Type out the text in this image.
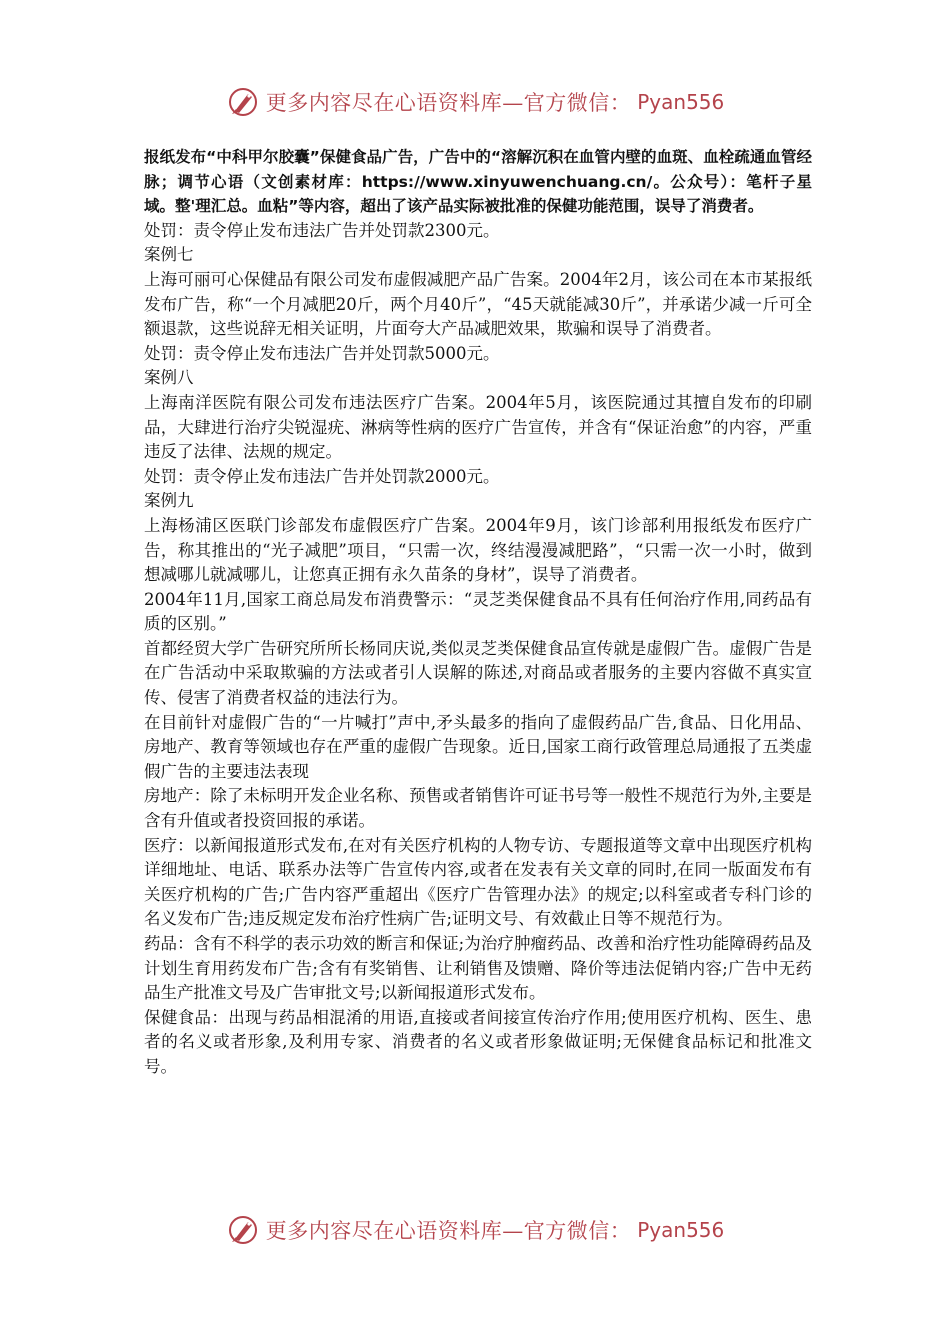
更多内容尽在心语资料库—官方微信： Pyan556

报纸发布“中科甲尔胶囊”保健食品广告，广告中的“溶解沉积在血管内壁的血斑、血栓疏通血管经脉；调节心语（文创素材库：https://www.xinyuwenchuang.cn/。公众号）：笔杆子星域。整'理汇总。血粘”等内容，超出了该产品实际被批准的保健功能范围，误导了消费者。

处罚：责令停止发布违法广告并处罚款2300元。

案例七

上海可丽可心保健品有限公司发布虚假减肥产品广告案。2004年2月，该公司在本市某报纸发布广告，称“一个月减肥20斤，两个月40斤”，“45天就能减30斤”，并承诺少减一斤可全额退款，这些说辞无相关证明，片面夸大产品减肥效果，欺骗和误导了消费者。

处罚：责令停止发布违法广告并处罚款5000元。

案例八

上海南洋医院有限公司发布违法医疗广告案。2004年5月，该医院通过其擅自发布的印刷品，大肆进行治疗尖锐湿疣、淋病等性病的医疗广告宣传，并含有“保证治愈”的内容，严重违反了法律、法规的规定。

处罚：责令停止发布违法广告并处罚款2000元。

案例九

上海杨浦区医联门诊部发布虚假医疗广告案。2004年9月，该门诊部利用报纸发布医疗广告，称其推出的“光子减肥”项目，“只需一次，终结漫漫减肥路”，“只需一次一小时，做到想减哪儿就减哪儿，让您真正拥有永久苗条的身材”，误导了消费者。

2004年11月,国家工商总局发布消费警示：“灵芝类保健食品不具有任何治疗作用,同药品有质的区别。”

首都经贸大学广告研究所所长杨同庆说,类似灵芝类保健食品宣传就是虚假广告。虚假广告是在广告活动中采取欺骗的方法或者引人误解的陈述,对商品或者服务的主要内容做不真实宣传、侵害了消费者权益的违法行为。

在目前针对虚假广告的“一片喊打”声中,矛头最多的指向了虚假药品广告,食品、日化用品、房地产、教育等领域也存在严重的虚假广告现象。近日,国家工商行政管理总局通报了五类虚假广告的主要违法表现

房地产：除了未标明开发企业名称、预售或者销售许可证书号等一般性不规范行为外,主要是含有升值或者投资回报的承诺。

医疗：以新闻报道形式发布,在对有关医疗机构的人物专访、专题报道等文章中出现医疗机构详细地址、电话、联系办法等广告宣传内容,或者在发表有关文章的同时,在同一版面发布有关医疗机构的广告;广告内容严重超出《医疗广告管理办法》的规定;以科室或者专科门诊的名义发布广告;违反规定发布治疗性病广告;证明文号、有效截止日等不规范行为。

药品：含有不科学的表示功效的断言和保证;为治疗肿瘤药品、改善和治疗性功能障碍药品及计划生育用药发布广告;含有有奖销售、让利销售及馈赠、降价等违法促销内容;广告中无药品生产批准文号及广告审批文号;以新闻报道形式发布。

保健食品：出现与药品相混淆的用语,直接或者间接宣传治疗作用;使用医疗机构、医生、患者的名义或者形象,及利用专家、消费者的名义或者形象做证明;无保健食品标记和批准文号。

更多内容尽在心语资料库—官方微信： Pyan556
